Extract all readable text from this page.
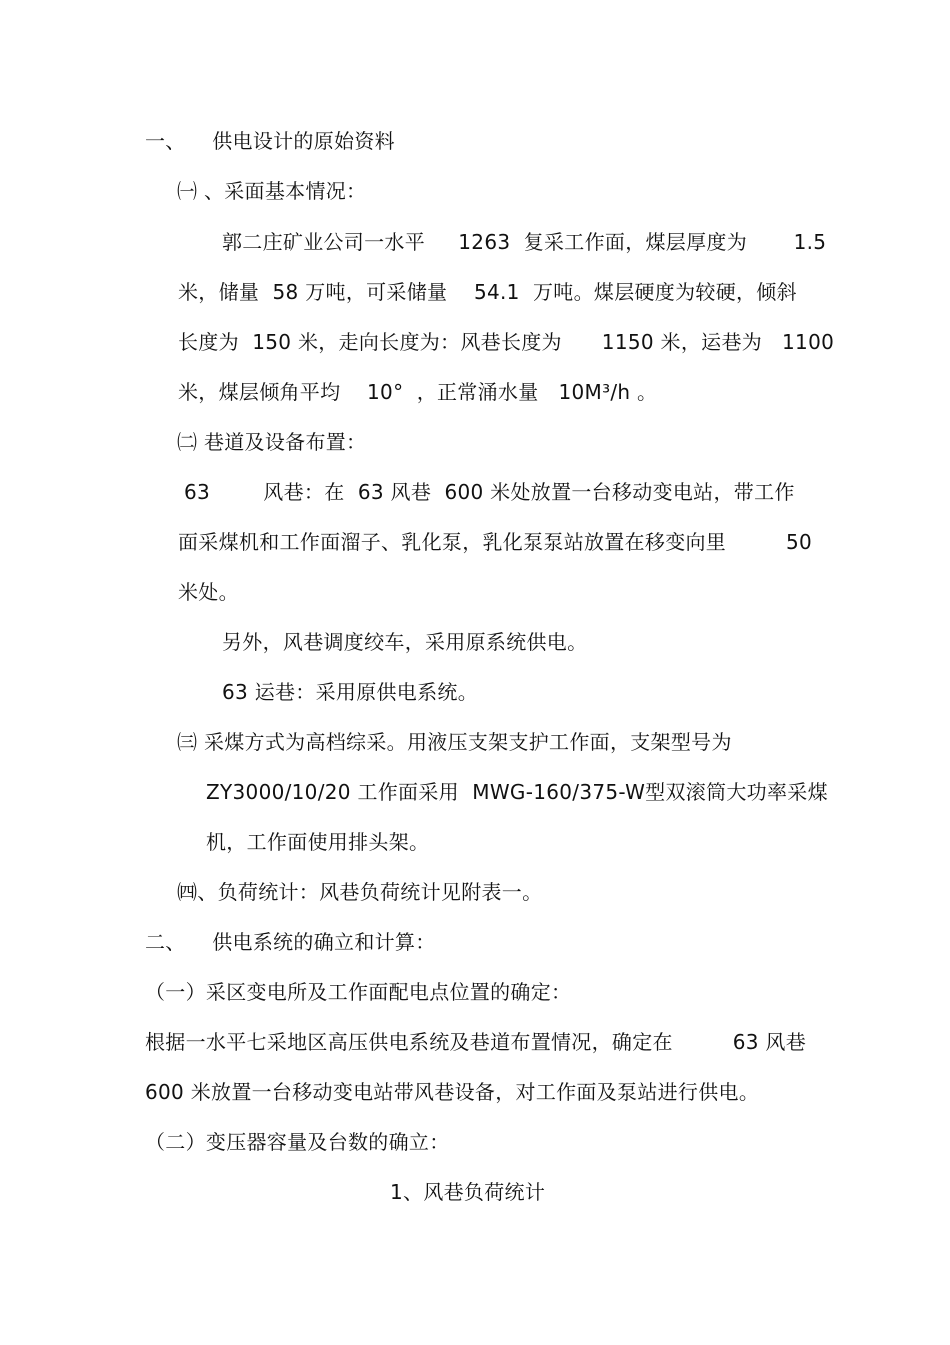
一、    供电设计的原始资料
㈠ 、采面基本情况：
郭二庄矿业公司一水平     1263  复采工作面，煤层厚度为       1.5
米，储量  58 万吨，可采储量    54.1  万吨。煤层硬度为较硬，倾斜
长度为  150 米，走向长度为：风巷长度为      1150 米，运巷为   1100
米，煤层倾角平均    10°  ，正常涌水量   10M³/h 。
㈡ 巷道及设备布置：
63        风巷：在  63 风巷  600 米处放置一台移动变电站，带工作
面采煤机和工作面溜子、乳化泵，乳化泵泵站放置在移变向里         50
米处。
另外，风巷调度绞车，采用原系统供电。
63 运巷：采用原供电系统。
㈢ 采煤方式为高档综采。用液压支架支护工作面，支架型号为
ZY3000/10/20 工作面采用  MWG-160/375-W型双滚筒大功率采煤
机，工作面使用排头架。
㈣、负荷统计：风巷负荷统计见附表一。
二、    供电系统的确立和计算：
（一）采区变电所及工作面配电点位置的确定：
根据一水平七采地区高压供电系统及巷道布置情况，确定在         63 风巷
600 米放置一台移动变电站带风巷设备，对工作面及泵站进行供电。
（二）变压器容量及台数的确立：
1、风巷负荷统计
